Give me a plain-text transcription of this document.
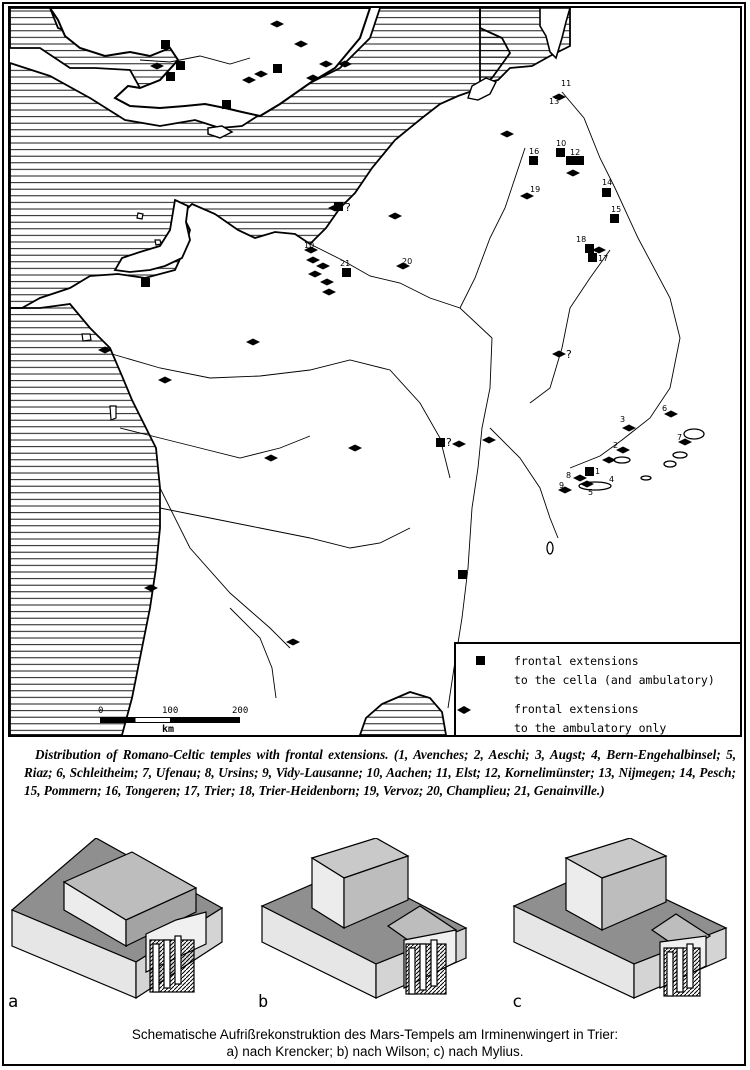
1
2
3
4
5
6
7
8
9
10
10
11
12
13
14
15
16
17
18
19
20
21
?
?
?
?
0	100	200
km
frontal extensions
to the cella (and ambulatory)
frontal extensions
to the ambulatory only
Distribution of Romano-Celtic temples with frontal extensions. (1, Avenches; 2, Aeschi; 3, Augst; 4, Bern-Engehalbinsel; 5, Riaz; 6, Schleitheim; 7, Ufenau; 8, Ursins; 9, Vidy-Lausanne; 10, Aachen; 11, Elst; 12, Kornelimünster; 13, Nijmegen; 14, Pesch; 15, Pommern; 16, Tongeren; 17, Trier; 18, Trier-Heidenborn; 19, Vervoz; 20, Champlieu; 21, Genainville.)
a	b	c
Schematische Aufrißrekonstruktion des Mars-Tempels am Irminenwingert in Trier:
a) nach Krencker; b) nach Wilson; c) nach Mylius.
